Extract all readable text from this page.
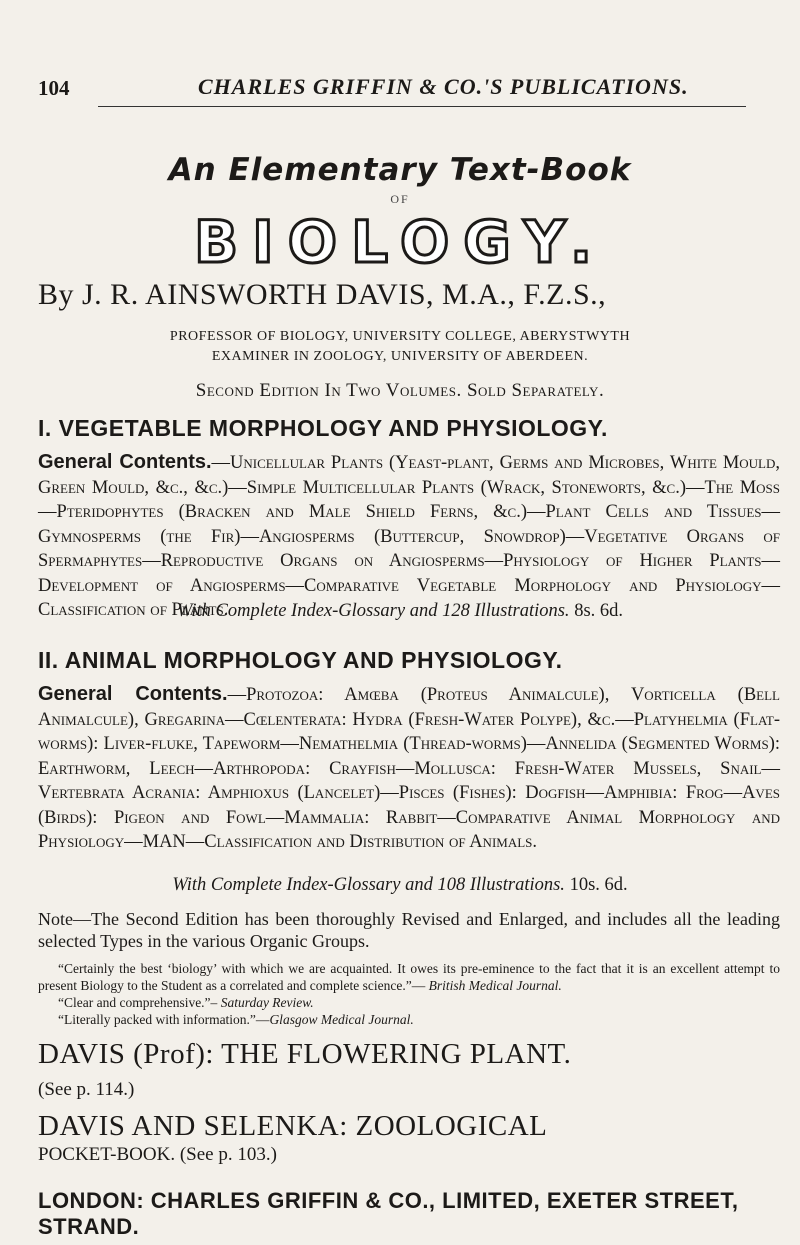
104	CHARLES GRIFFIN & CO.'S PUBLICATIONS.
An Elementary Text-Book
OF
BIOLOGY.
By J. R. AINSWORTH DAVIS, M.A., F.Z.S.,
PROFESSOR OF BIOLOGY, UNIVERSITY COLLEGE, ABERYSTWYTH
EXAMINER IN ZOOLOGY, UNIVERSITY OF ABERDEEN.
Second Edition In Two Volumes. Sold Separately.
I. VEGETABLE MORPHOLOGY AND PHYSIOLOGY.
General Contents.—Unicellular Plants (Yeast-plant, Germs and Microbes, White Mould, Green Mould, &c., &c.)—Simple Multicellular Plants (Wrack, Stoneworts, &c.)—The Moss—Pteridophytes (Bracken and Male Shield Ferns, &c.)—Plant Cells and Tissues—Gymnosperms (the Fir)—Angiosperms (Buttercup, Snowdrop)—Vegetative Organs of Spermaphytes—Reproductive Organs on Angiosperms—Physiology of Higher Plants—Development of Angiosperms—Comparative Vegetable Morphology and Physiology—Classification of Plants.
With Complete Index-Glossary and 128 Illustrations. 8s. 6d.
II. ANIMAL MORPHOLOGY AND PHYSIOLOGY.
General Contents.—Protozoa: Amœba (Proteus Animalcule), Vorticella (Bell Animalcule), Gregarina—Cœlenterata: Hydra (Fresh-Water Polype), &c.—Platyhelmia (Flat-worms): Liver-fluke, Tapeworm—Nemathelmia (Thread-worms)—Annelida (Segmented Worms): Earthworm, Leech—Arthropoda: Crayfish—Mollusca: Fresh-Water Mussels, Snail—Vertebrata Acrania: Amphioxus (Lancelet)—Pisces (Fishes): Dogfish—Amphibia: Frog—Aves (Birds): Pigeon and Fowl—Mammalia: Rabbit—Comparative Animal Morphology and Physiology—MAN—Classification and Distribution of Animals.
With Complete Index-Glossary and 108 Illustrations. 10s. 6d.
Note—The Second Edition has been thoroughly Revised and Enlarged, and includes all the leading selected Types in the various Organic Groups.
“Certainly the best ‘biology’ with which we are acquainted. It owes its pre-eminence to the fact that it is an excellent attempt to present Biology to the Student as a correlated and complete science.”— British Medical Journal.
“Clear and comprehensive.”– Saturday Review.
“Literally packed with information.”—Glasgow Medical Journal.
DAVIS (Prof): THE FLOWERING PLANT.
(See p. 114.)
DAVIS AND SELENKA: ZOOLOGICAL
POCKET-BOOK. (See p. 103.)
LONDON: CHARLES GRIFFIN & CO., LIMITED, EXETER STREET, STRAND.
